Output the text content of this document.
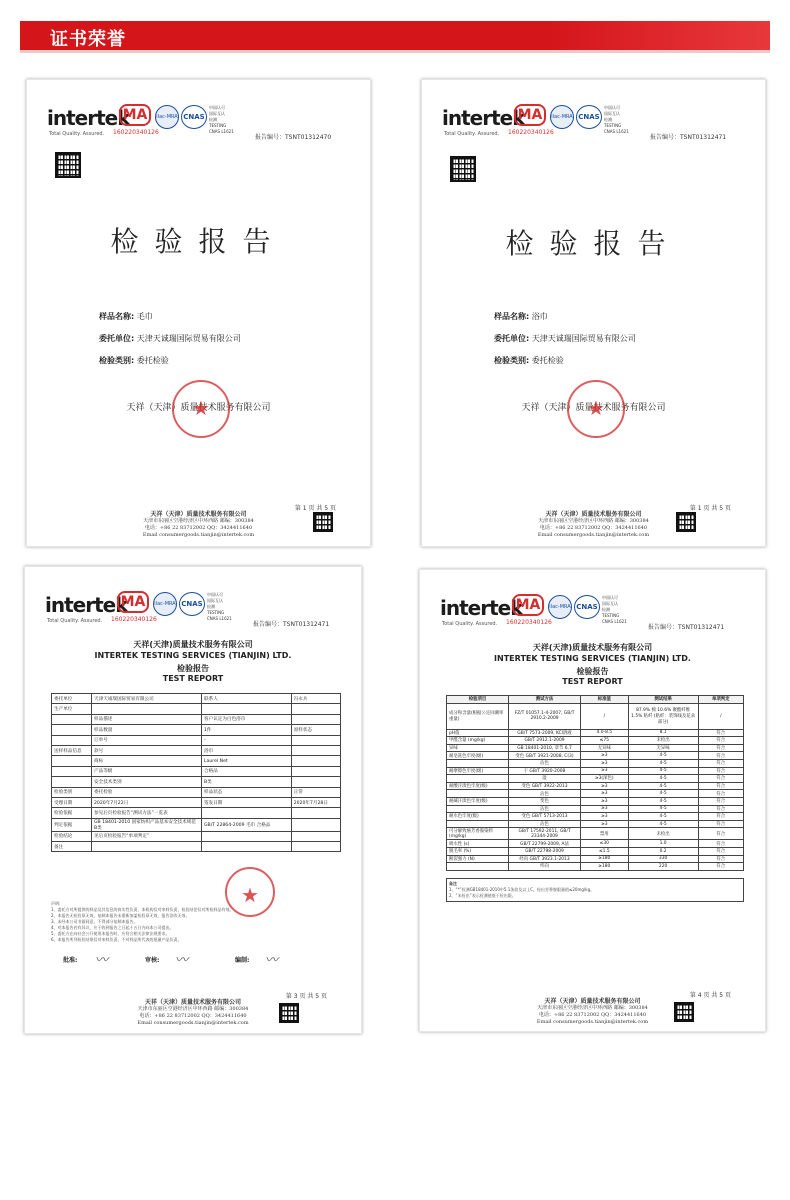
证书荣誉
intertek
Total Quality. Assured.
MA
160220340126
ilac-MRA CNAS
中国认可
国际互认
检测
TESTING
CNAS L1621
报告编号：TSNT01312470
检验报告
样品名称: 毛巾
委托单位: 天津天诚瑞国际贸易有限公司
检验类别: 委托检验
天祥（天津）质量技术服务有限公司
★
第 1 页 共 5 页
天祥（天津）质量技术服务有限公司
天津市东丽区空港经济区中环西路 邮编：300384
电话：+86 22 83712002 QQ：3424411640
Email consumergoods.tianjin@intertek.com
intertek
Total Quality. Assured.
MA
160220340126
ilac-MRA CNAS
中国认可
国际互认
检测
TESTING
CNAS L1621
报告编号：TSNT01312471
检验报告
样品名称: 浴巾
委托单位: 天津天诚瑞国际贸易有限公司
检验类别: 委托检验
天祥（天津）质量技术服务有限公司
★
第 1 页 共 5 页
天祥（天津）质量技术服务有限公司
天津市东丽区空港经济区中环西路 邮编：300384
电话：+86 22 83712002 QQ：3424411640
Email consumergoods.tianjin@intertek.com
intertek
Total Quality. Assured.
MA
160220340126
ilac-MRA CNAS
中国认可
国际互认
检测
TESTING
CNAS L1621
报告编号：TSNT01312471
天祥(天津)质量技术服务有限公司
INTERTEK TESTING SERVICES (TIANJIN) LTD.
检验报告
TEST REPORT
委托单位	天津天诚瑞国际贸易有限公司	联系人	冯永兵
生产单位			
	样品描述	客户认定为白色浴巾	
	样品数量	1件	原样状态
	订单号	-	
送样样品信息	款号	浴巾	
	商标	Laurel Net	
	产品等级	合格品	
	安全技术类别	B类	
检验类别	委托检验	样品状态	正常
受理日期	2020年7月22日	签发日期	2020年7月28日
检验依据	参见后页检验报告“测试方法”一览表		
判定依据	GB 18401-2010 国家纺织产品基本安全技术规范 B类	GB/T 22864-2009 毛巾 合格品	
检验结论	见后页检验报告“单项判定”		
备注			
★
声明:
1、委托方对所提供的样品及其信息的真实性负责，本机构仅对来样负责，检验结论仅对所检样品有效。
2、本报告无检验章无效，复制本报告未重新加盖检验章无效，报告涂改无效。
3、未经本公司书面同意，不得部分复制本报告。
4、对本报告若有异议，应于收到报告之日起十五日内向本公司提出。
5、委托方在向社会公开使用本报告时，应符合相关法律法规要求。
6、本报告所列检验结果仅对来样负责，不对样品所代表的批量产品负责。
批准: 〰︎	审核: 〰︎	编制: 〰︎
第 3 页 共 5 页
天祥（天津）质量技术服务有限公司
天津市东丽区空港经济区中环西路 邮编：300384
电话：+86 22 83712002 QQ：3424411640
Email consumergoods.tianjin@intertek.com
intertek
Total Quality. Assured.
MA
160220340126
ilac-MRA CNAS
中国认可
国际互认
检测
TESTING
CNAS L1621
报告编号：TSNT01312471
天祥(天津)质量技术服务有限公司
INTERTEK TESTING SERVICES (TIANJIN) LTD.
检验报告
TEST REPORT
检验项目	测试方法	标准值	测试结果	单项判定
成分和含量(根据公定回潮率重量)	FZ/T 01057.1-4-2007, GB/T 2910.2-2009	/	87.9% 棉 10.6% 聚酯纤维 1.5% 粘纤 (粘纤：装饰线及花朵部分)	/
pH值	GB/T 7573-2009, KCl溶液	4.0-8.5	8.1	符合
甲醛含量 (mg/kg)	GB/T 2912.1-2009	≤75	未检出	符合
异味	GB 18401-2010, 章节 6.7	无异味	无异味	符合
耐皂洗色牢度(级)	变色 GB/T 3921-2008, C(3)	≥3	4-5	符合
	沾色	≥3	4-5	符合
耐摩擦色牢度(级)	干 GB/T 3920-2008	≥3	4-5	符合
	湿	≥3(深色)	4-5	符合
耐酸汗渍色牢度(级)	变色 GB/T 3922-2013	≥3	4-5	符合
	沾色	≥3	4-5	符合
耐碱汗渍色牢度(级)	变色	≥3	4-5	符合
	沾色	≥3	4-5	符合
耐水色牢度(级)	变色 GB/T 5713-2013	≥3	4-5	符合
	沾色	≥3	4-5	符合
可分解致癌芳香胺染料(mg/kg)	GB/T 17592-2011, GB/T 23344-2009	禁用	未检出	符合
吸水性 (s)	GB/T 22799-2009, A法	≤30	1.0	符合
脱毛率 (%)	GB/T 22798-2009	≤1.5	0.2	符合
断裂强力 (N)	经向 GB/T 3923.1-2013	≥180	330	符合
	纬向	≥180	220	符合
备注
1、“*”检测GB18401-2010中5.1条款及以上C，检出芳香胺限量值≤20mg/kg。
2、“未检出”表示检测值低于检出限。
第 4 页 共 5 页
天祥（天津）质量技术服务有限公司
天津市东丽区空港经济区中环西路 邮编：300384
电话：+86 22 83712002 QQ：3424411640
Email consumergoods.tianjin@intertek.com
